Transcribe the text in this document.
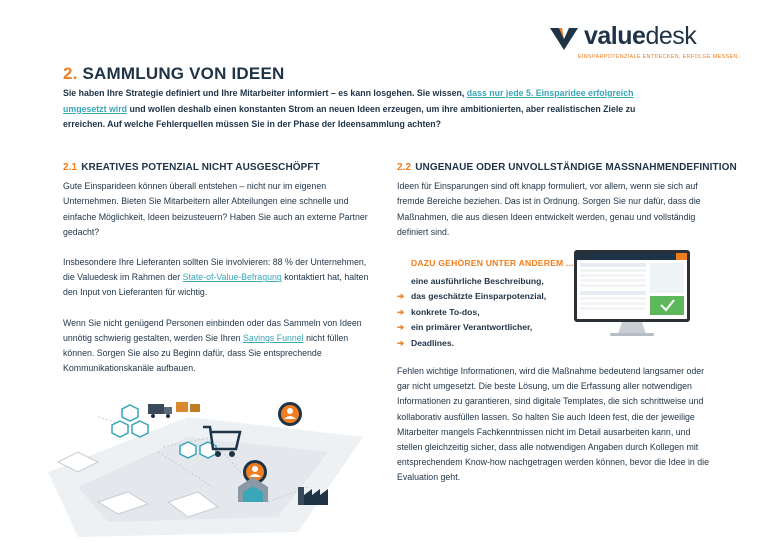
valuedesk
EINSPARPOTENZIALE ENTDECKEN, ERFOLGE MESSEN.
2. SAMMLUNG VON IDEEN
Sie haben Ihre Strategie definiert und Ihre Mitarbeiter informiert – es kann losgehen. Sie wissen, dass nur jede 5. Einsparidee erfolgreich umgesetzt wird und wollen deshalb einen konstanten Strom an neuen Ideen erzeugen, um ihre ambitionierten, aber realistischen Ziele zu erreichen. Auf welche Fehlerquellen müssen Sie in der Phase der Ideensammlung achten?
2.1 KREATIVES POTENZIAL NICHT AUSGESCHÖPFT

Gute Einsparideen können überall entstehen – nicht nur im eigenen Unternehmen. Bieten Sie Mitarbeitern aller Abteilungen eine schnelle und einfache Möglichkeit, Ideen beizusteuern? Haben Sie auch an externe Partner gedacht?

Insbesondere Ihre Lieferanten sollten Sie involvieren: 88 % der Unternehmen, die Valuedesk im Rahmen der State-of-Value-Befragung kontaktiert hat, halten den Input von Lieferanten für wichtig.

Wenn Sie nicht genügend Personen einbinden oder das Sammeln von Ideen unnötig schwierig gestalten, werden Sie Ihren Savings Funnel nicht füllen können. Sorgen Sie also zu Beginn dafür, dass Sie entsprechende Kommunikationskanäle aufbauen.

2.2 UNGENAUE ODER UNVOLLSTÄNDIGE MASSNAHMENDEFINITION

Ideen für Einsparungen sind oft knapp formuliert, vor allem, wenn sie sich auf fremde Bereiche beziehen. Das ist in Ordnung. Sorgen Sie nur dafür, dass die Maßnahmen, die aus diesen Ideen entwickelt werden, genau und vollständig definiert sind.

DAZU GEHÖREN UNTER ANDEREM ...
eine ausführliche Beschreibung,
➔ das geschätzte Einsparpotenzial,
➔ konkrete To-dos,
➔ ein primärer Verantwortlicher,
➔ Deadlines.
Fehlen wichtige Informationen, wird die Maßnahme bedeutend langsamer oder gar nicht umgesetzt. Die beste Lösung, um die Erfassung aller notwendigen Informationen zu garantieren, sind digitale Templates, die sich schrittweise und kollaborativ ausfüllen lassen. So halten Sie auch Ideen fest, die der jeweilige Mitarbeiter mangels Fachkenntnissen nicht im Detail ausarbeiten kann, und stellen gleichzeitig sicher, dass alle notwendigen Angaben durch Kollegen mit entsprechendem Know-how nachgetragen werden können, bevor die Idee in die Evaluation geht.
